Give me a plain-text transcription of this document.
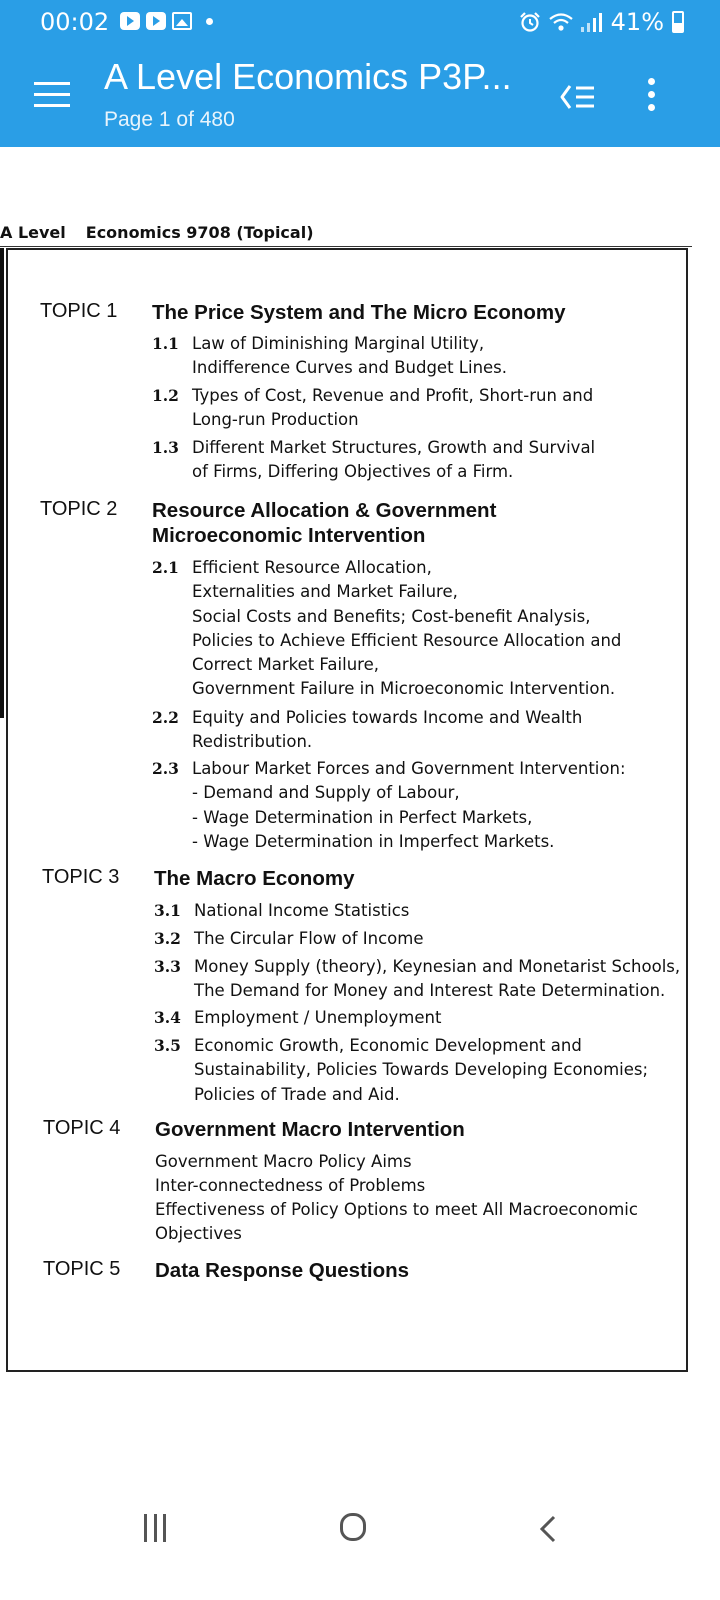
00:02	41%
A Level Economics P3P...
Page 1 of 480
A Level Economics 9708 (Topical)
TOPIC 1	The Price System and The Micro Economy
1.1 Law of Diminishing Marginal Utility,
Indifference Curves and Budget Lines.
1.2 Types of Cost, Revenue and Profit, Short-run and
Long-run Production
1.3 Different Market Structures, Growth and Survival
of Firms, Differing Objectives of a Firm.
TOPIC 2	Resource Allocation & Government Microeconomic Intervention
2.1 Efficient Resource Allocation,
Externalities and Market Failure,
Social Costs and Benefits; Cost-benefit Analysis,
Policies to Achieve Efficient Resource Allocation and
Correct Market Failure,
Government Failure in Microeconomic Intervention.
2.2 Equity and Policies towards Income and Wealth
Redistribution.
2.3 Labour Market Forces and Government Intervention:
- Demand and Supply of Labour,
- Wage Determination in Perfect Markets,
- Wage Determination in Imperfect Markets.
TOPIC 3	The Macro Economy
3.1 National Income Statistics
3.2 The Circular Flow of Income
3.3 Money Supply (theory), Keynesian and Monetarist Schools,
The Demand for Money and Interest Rate Determination.
3.4 Employment / Unemployment
3.5 Economic Growth, Economic Development and
Sustainability, Policies Towards Developing Economies;
Policies of Trade and Aid.
TOPIC 4	Government Macro Intervention
Government Macro Policy Aims
Inter-connectedness of Problems
Effectiveness of Policy Options to meet All Macroeconomic
Objectives
TOPIC 5	Data Response Questions
